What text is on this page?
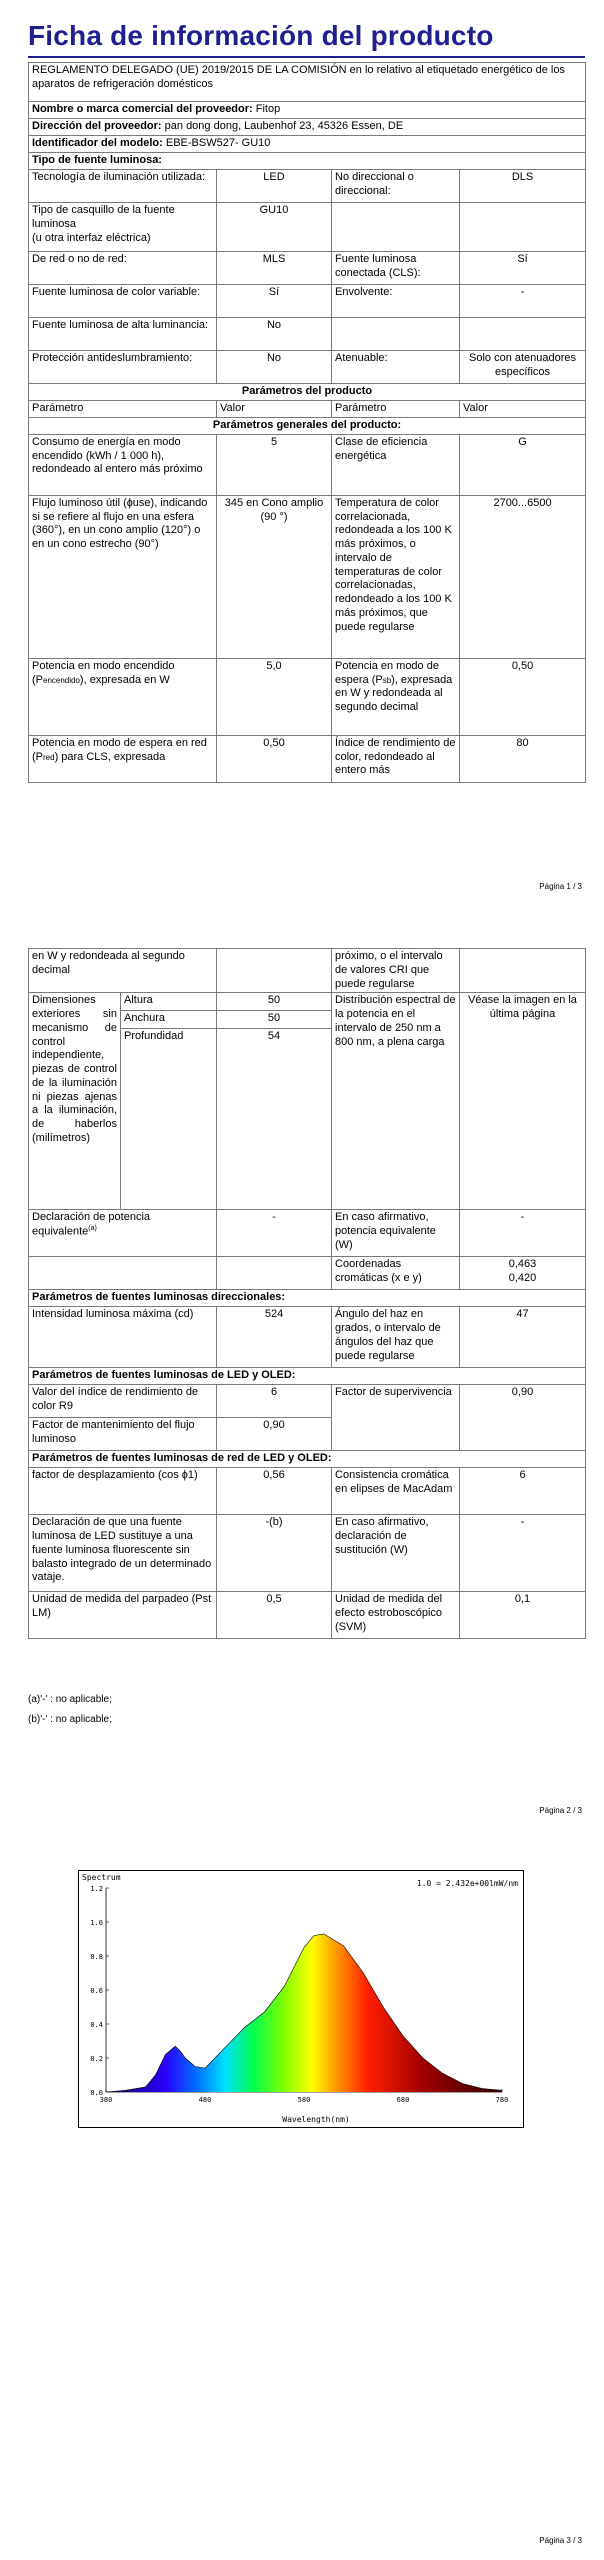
Ficha de información del producto
REGLAMENTO DELEGADO (UE) 2019/2015 DE LA COMISIÓN en lo relativo al etiquetado energético de los aparatos de refrigeración domésticos			
Nombre o marca comercial del proveedor: Fitop			
Dirección del proveedor: pan dong dong, Laubenhof 23, 45326 Essen, DE			
Identificador del modelo: EBE-BSW527- GU10			
Tipo de fuente luminosa:			
Tecnología de iluminación utilizada:	LED	No direccional o direccional:	DLS
Tipo de casquillo de la fuente luminosa
(u otra interfaz eléctrica)	GU10		
De red o no de red:	MLS	Fuente luminosa conectada (CLS):	Sí
Fuente luminosa de color variable:	Sí	Envolvente:	-
Fuente luminosa de alta luminancia:	No		
Protección antideslumbramiento:	No	Atenuable:	Solo con atenuadores específicos
Parámetros del producto			
Parámetro	Valor	Parámetro	Valor
Parámetros generales del producto:			
Consumo de energía en modo encendido (kWh / 1 000 h), redondeado al entero más próximo	5	Clase de eficiencia energética	G
Flujo luminoso útil (ɸuse), indicando si se refiere al flujo en una esfera (360°), en un cono amplio (120°) o en un cono estrecho (90°)	345 en Cono amplio (90 °)	Temperatura de color correlacionada, redondeada a los 100 K más próximos, o intervalo de temperaturas de color correlacionadas, redondeado a los 100 K más próximos, que puede regularse	2700...6500
Potencia en modo encendido (Pencendido), expresada en W	5,0	Potencia en modo de espera (Psb), expresada en W y redondeada al segundo decimal	0,50
Potencia en modo de espera en red (Pred) para CLS, expresada	0,50	Índice de rendimiento de color, redondeado al entero más	80
Página 1 / 3
en W y redondeada al segundo decimal			próximo, o el intervalo de valores CRI que puede regularse	
Dimensiones exteriores sin mecanismo de control independiente, piezas de control de la iluminación ni piezas ajenas a la iluminación, de haberlos (milímetros)	Altura	50	Distribución espectral de la potencia en el intervalo de 250 nm a 800 nm, a plena carga	Véase la imagen en la última página
	Anchura	50		
	Profundidad	54		
Declaración de potencia equivalente$^{(a)}$		-	En caso afirmativo, potencia equivalente (W)	-
			Coordenadas cromáticas (x e y)	0,463
0,420

Parámetros de fuentes luminosas direccionales:				
Intensidad luminosa máxima (cd)		524	Ángulo del haz en grados, o intervalo de ángulos del haz que puede regularse	47
Parámetros de fuentes luminosas de LED y OLED:				
Valor del índice de rendimiento de color R9		6	Factor de supervivencia	0,90
Factor de mantenimiento del flujo luminoso		0,90		
Parámetros de fuentes luminosas de red de LED y OLED:				
factor de desplazamiento (cos ɸ1)		0,56	Consistencia cromática en elipses de MacAdam	6
Declaración de que una fuente luminosa de LED sustituye a una fuente luminosa fluorescente sin balasto integrado de un determinado vataje.		-(b)	En caso afirmativo, declaración de sustitución (W)	-
Unidad de medida del parpadeo (Pst LM)		0,5	Unidad de medida del efecto estroboscópico (SVM)	0,1
(a)'-' : no aplicable;
(b)'-' : no aplicable;
Página 2 / 3
Spectrum
1.0 = 2.432e+00lmW/nm
0.0
0.2
0.4
0.6
0.8
1.0
1.2
380	480	580	680	780
Wavelength(nm)
Página 3 / 3
